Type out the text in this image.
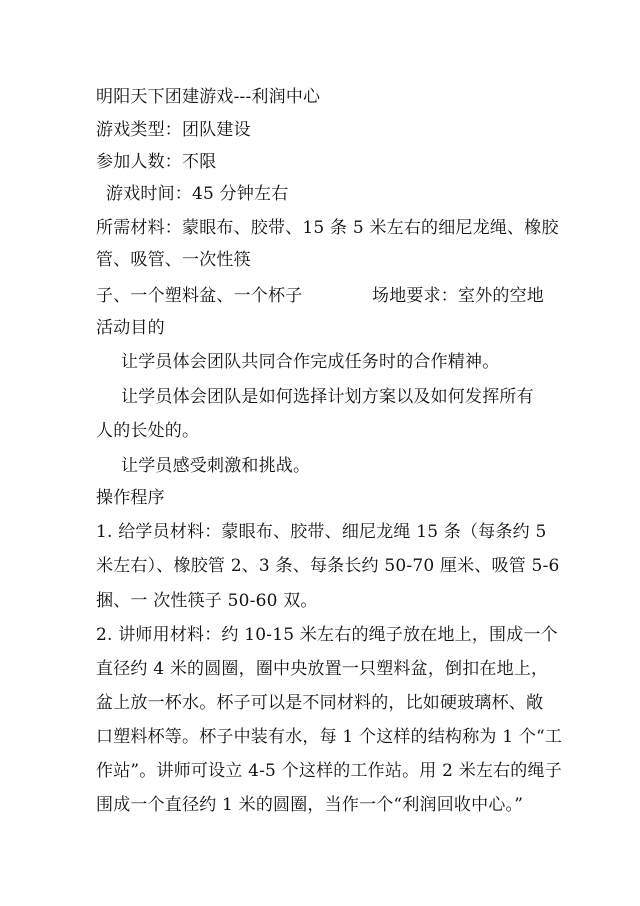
明阳天下团建游戏---利润中心
游戏类型：团队建设
参加人数：不限
游戏时间：45 分钟左右
所需材料：蒙眼布、胶带、15 条 5 米左右的细尼龙绳、橡胶
管、吸管、一次性筷
子、一个塑料盆、一个杯子	场地要求：室外的空地
活动目的
让学员体会团队共同合作完成任务时的合作精神。
让学员体会团队是如何选择计划方案以及如何发挥所有
人的长处的。
让学员感受刺激和挑战。
操作程序
1. 给学员材料：蒙眼布、胶带、细尼龙绳 15 条（每条约 5
米左右）、橡胶管 2、3 条、每条长约 50-70 厘米、吸管 5-6
捆、一 次性筷子 50-60 双。
2. 讲师用材料：约 10-15 米左右的绳子放在地上，围成一个
直径约 4 米的圆圈，圈中央放置一只塑料盆，倒扣在地上，
盆上放一杯水。杯子可以是不同材料的，比如硬玻璃杯、敞
口塑料杯等。杯子中装有水，每 1 个这样的结构称为 1 个“工
作站”。讲师可设立 4-5 个这样的工作站。用 2 米左右的绳子
围成一个直径约 1 米的圆圈，当作一个“利润回收中心。”
